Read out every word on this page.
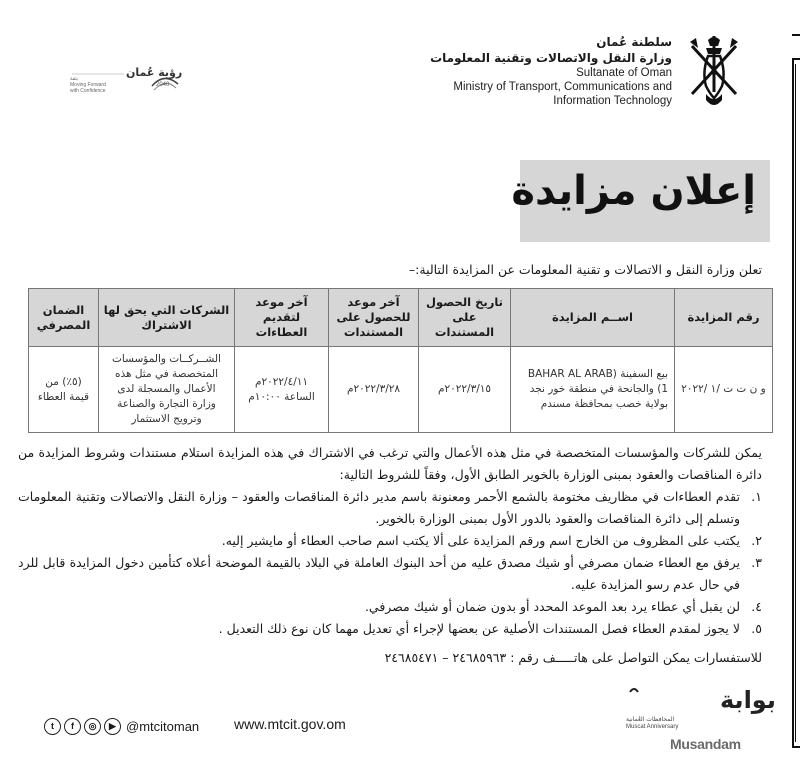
سلطنة عُمان
وزارة النقل والاتصالات وتقنية المعلومات
Sultanate of Oman
Ministry of Transport, Communications and
Information Technology
رؤية عُمان
2040
بثقة
Moving Forward
with Confidence
إعلان مزايدة
تعلن وزارة النقل و الاتصالات و تقنية المعلومات عن المزايدة التالية:–
رقم المزايدة	اســم المزايدة	تاريخ الحصول على المستندات	آخر موعد للحصول على المستندات	آخر موعد لتقديم العطاءات	الشركات التي يحق لها الاشتراك	الضمان المصرفي
و ن ت ت /١ /٢٠٢٢	بيع السفينة (BAHAR AL ARAB 1) والجانحة في منطقة خور نجد بولاية خصب بمحافظة مسندم	٢٠٢٢/٣/١٥م	٢٠٢٢/٣/٢٨م	٢٠٢٢/٤/١١م الساعة ١٠:٠٠م	الشــركــات والمؤسسات المتخصصة في مثل هذه الأعمال والمسجلة لدى وزارة التجارة والصناعة وترويج الاستثمار	(٥٪) من قيمة العطاء

يمكن للشركات والمؤسسات المتخصصة في مثل هذه الأعمال والتي ترغب في الاشتراك في هذه المزايدة استلام مستندات وشروط المزايدة من دائرة المناقصات والعقود بمبنى الوزارة بالخوير الطابق الأول، وفقاً للشروط التالية:

١.
تقدم العطاءات في مظاريف مختومة بالشمع الأحمر ومعنونة باسم مدير دائرة المناقصات والعقود – وزارة النقل والاتصالات وتقنية المعلومات وتسلم إلى دائرة المناقصات والعقود بالدور الأول بمبنى الوزارة بالخوير.
٢.
يكتب على المظروف من الخارج اسم ورقم المزايدة على ألا يكتب اسم صاحب العطاء أو مايشير إليه.
٣.
يرفق مع العطاء ضمان مصرفي أو شيك مصدق عليه من أحد البنوك العاملة في البلاد بالقيمة الموضحة أعلاه كتأمين دخول المزايدة قابل للرد في حال عدم رسو المزايدة عليه.
٤.
لن يقبل أي عطاء يرد بعد الموعد المحدد أو بدون ضمان أو شيك مصرفي.
٥.
لا يجوز لمقدم العطاء فصل المستندات الأصلية عن بعضها لإجراء أي تعديل مهما كان نوع ذلك التعديل .
للاستفسارات يمكن التواصل على هاتـــــف رقم : ٢٤٦٨٥٩٦٣ – ٢٤٦٨٥٤٧١
t	f	◎	▶ @mtcitoman www.mtcit.gov.om
بوابة
المحافظات العُمانية
Muscat Anniversary
Musandam
